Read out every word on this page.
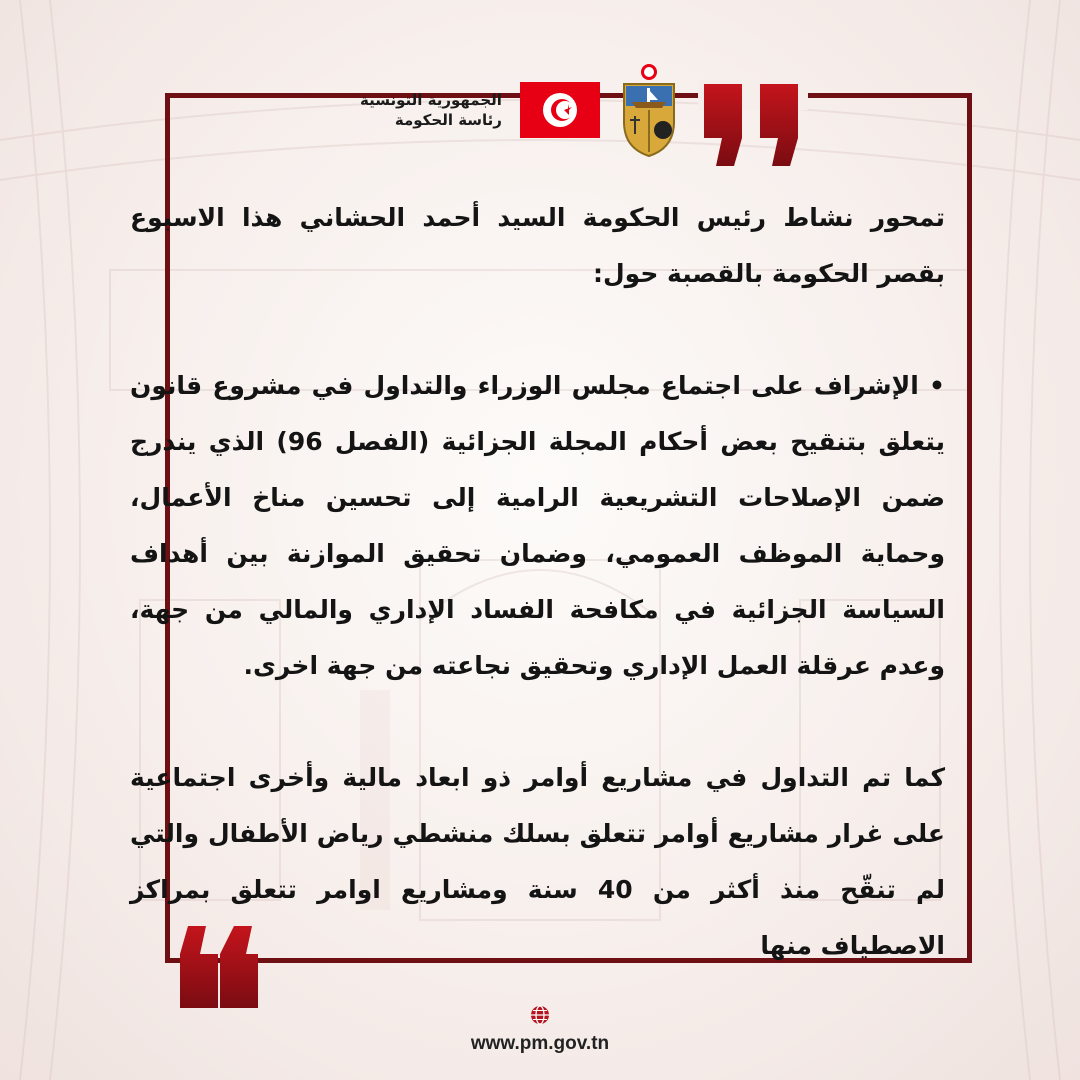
الجمهورية التونسية
رئاسة الحكومة

تمحور نشاط رئيس الحكومة السيد أحمد الحشاني هذا الاسبوع بقصر الحكومة بالقصبة حول:

• الإشراف على اجتماع مجلس الوزراء والتداول في مشروع قانون يتعلق بتنقيح بعض أحكام المجلة الجزائية (الفصل 96) الذي يندرج ضمن الإصلاحات التشريعية الرامية إلى تحسين مناخ الأعمال، وحماية الموظف العمومي، وضمان تحقيق الموازنة بين أهداف السياسة الجزائية في مكافحة الفساد الإداري والمالي من جهة، وعدم عرقلة العمل الإداري وتحقيق نجاعته من جهة اخرى.

كما تم التداول في مشاريع أوامر ذو ابعاد مالية وأخرى اجتماعية على غرار مشاريع أوامر تتعلق بسلك منشطي رياض الأطفال والتي لم تنقّح منذ أكثر من 40 سنة ومشاريع اوامر تتعلق بمراكز الاصطياف منها

www.pm.gov.tn
